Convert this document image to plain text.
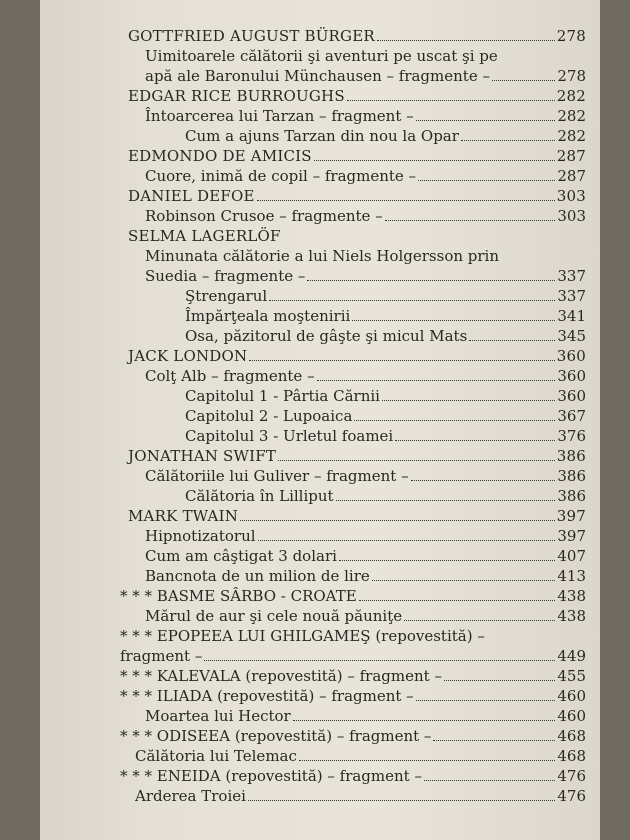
GOTTFRIED AUGUST BÜRGER	278
Uimitoarele călătorii şi aventuri pe uscat şi pe
apă ale Baronului Münchausen – fragmente –	278
EDGAR RICE BURROUGHS	282
Întoarcerea lui Tarzan – fragment –	282
Cum a ajuns Tarzan din nou la Opar	282
EDMONDO DE AMICIS	287
Cuore, inimă de copil – fragmente –	287
DANIEL DEFOE	303
Robinson Crusoe – fragmente –	303
SELMA LAGERLÖF
Minunata călătorie a lui Niels Holgersson prin
Suedia – fragmente –	337
Ştrengarul	337
Împărţeala moştenirii	341
Osa, păzitorul de gâşte şi micul Mats	345
JACK LONDON	360
Colţ Alb – fragmente –	360
Capitolul 1 - Pârtia Cărnii	360
Capitolul 2 - Lupoaica	367
Capitolul 3 - Urletul foamei	376
JONATHAN SWIFT	386
Călătoriile lui Guliver – fragment –	386
Călătoria în Lilliput	386
MARK TWAIN	397
Hipnotizatorul	397
Cum am câştigat 3 dolari	407
Bancnota de un milion de lire	413
* * * BASME SÂRBO - CROATE	438
Mărul de aur şi cele nouă păuniţe	438
* * * EPOPEEA LUI GHILGAMEŞ (repovestită) –
fragment –	449
* * * KALEVALA (repovestită) – fragment –	455
* * * ILIADA (repovestită) – fragment –	460
Moartea lui Hector	460
* * * ODISEEA (repovestită) – fragment –	468
Călătoria lui Telemac	468
* * * ENEIDA (repovestită) – fragment –	476
Arderea Troiei	476
